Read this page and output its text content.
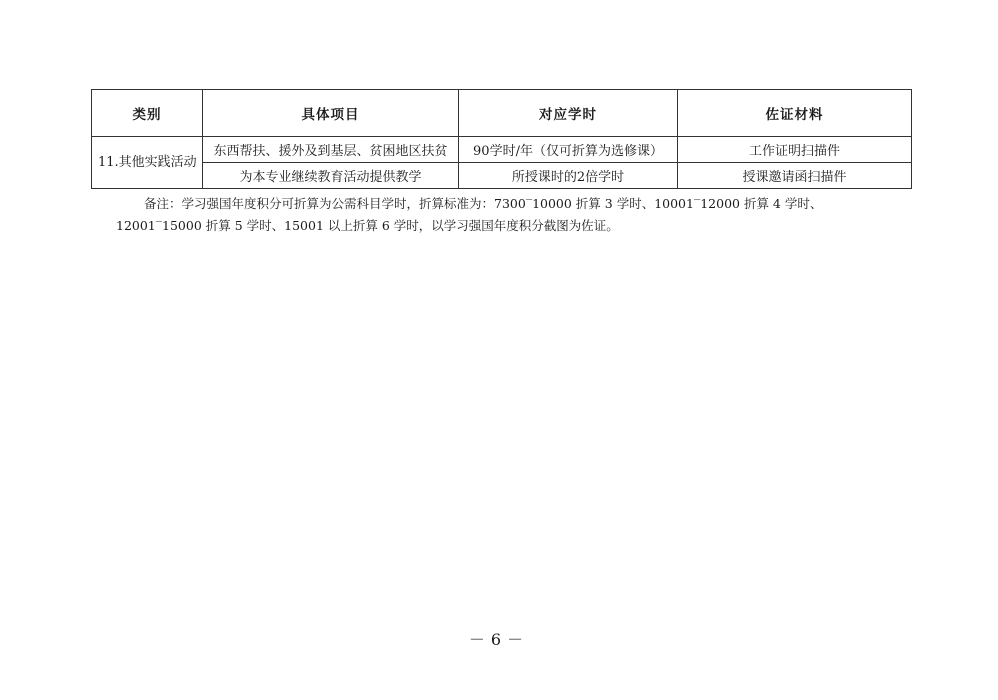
类别	具体项目	对应学时	佐证材料
11.其他实践活动	东西帮扶、援外及到基层、贫困地区扶贫	90学时/年（仅可折算为选修课）	工作证明扫描件
	为本专业继续教育活动提供教学	所授课时的2倍学时	授课邀请函扫描件

备注：学习强国年度积分可折算为公需科目学时，折算标准为：7300‾10000 折算 3 学时、10001‾12000 折算 4 学时、
12001‾15000 折算 5 学时、15001 以上折算 6 学时，以学习强国年度积分截图为佐证。

－6－
